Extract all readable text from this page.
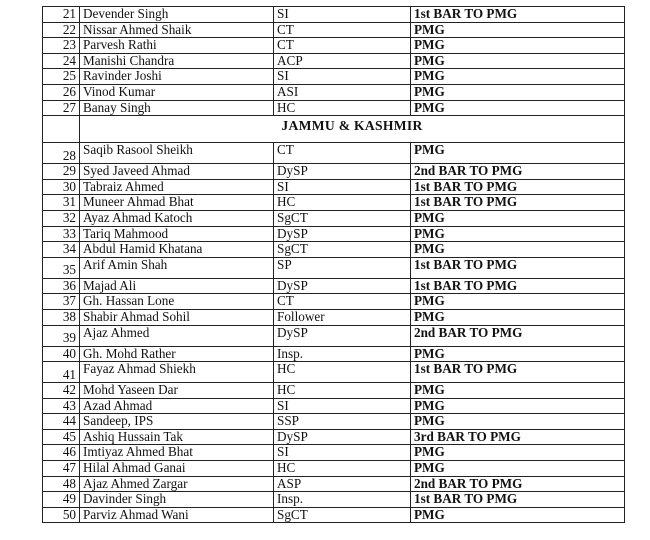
21	Devender Singh	SI	1st BAR TO PMG
22	Nissar Ahmed Shaik	CT	PMG
23	Parvesh Rathi	CT	PMG
24	Manishi Chandra	ACP	PMG
25	Ravinder Joshi	SI	PMG
26	Vinod Kumar	ASI	PMG
27	Banay Singh	HC	PMG
	JAMMU & KASHMIR		
28	Saqib Rasool Sheikh	CT	PMG
29	Syed Javeed Ahmad	DySP	2nd BAR TO PMG
30	Tabraiz Ahmed	SI	1st BAR TO PMG
31	Muneer Ahmad Bhat	HC	1st BAR TO PMG
32	Ayaz Ahmad Katoch	SgCT	PMG
33	Tariq Mahmood	DySP	PMG
34	Abdul Hamid Khatana	SgCT	PMG
35	Arif Amin Shah	SP	1st BAR TO PMG
36	Majad Ali	DySP	1st BAR TO PMG
37	Gh. Hassan Lone	CT	PMG
38	Shabir Ahmad Sohil	Follower	PMG
39	Ajaz Ahmed	DySP	2nd BAR TO PMG
40	Gh. Mohd Rather	Insp.	PMG
41	Fayaz Ahmad Shiekh	HC	1st BAR TO PMG
42	Mohd Yaseen Dar	HC	PMG
43	Azad Ahmad	SI	PMG
44	Sandeep, IPS	SSP	PMG
45	Ashiq Hussain Tak	DySP	3rd BAR TO PMG
46	Imtiyaz Ahmed Bhat	SI	PMG
47	Hilal Ahmad Ganai	HC	PMG
48	Ajaz Ahmed Zargar	ASP	2nd BAR TO PMG
49	Davinder Singh	Insp.	1st BAR TO PMG
50	Parviz Ahmad Wani	SgCT	PMG
